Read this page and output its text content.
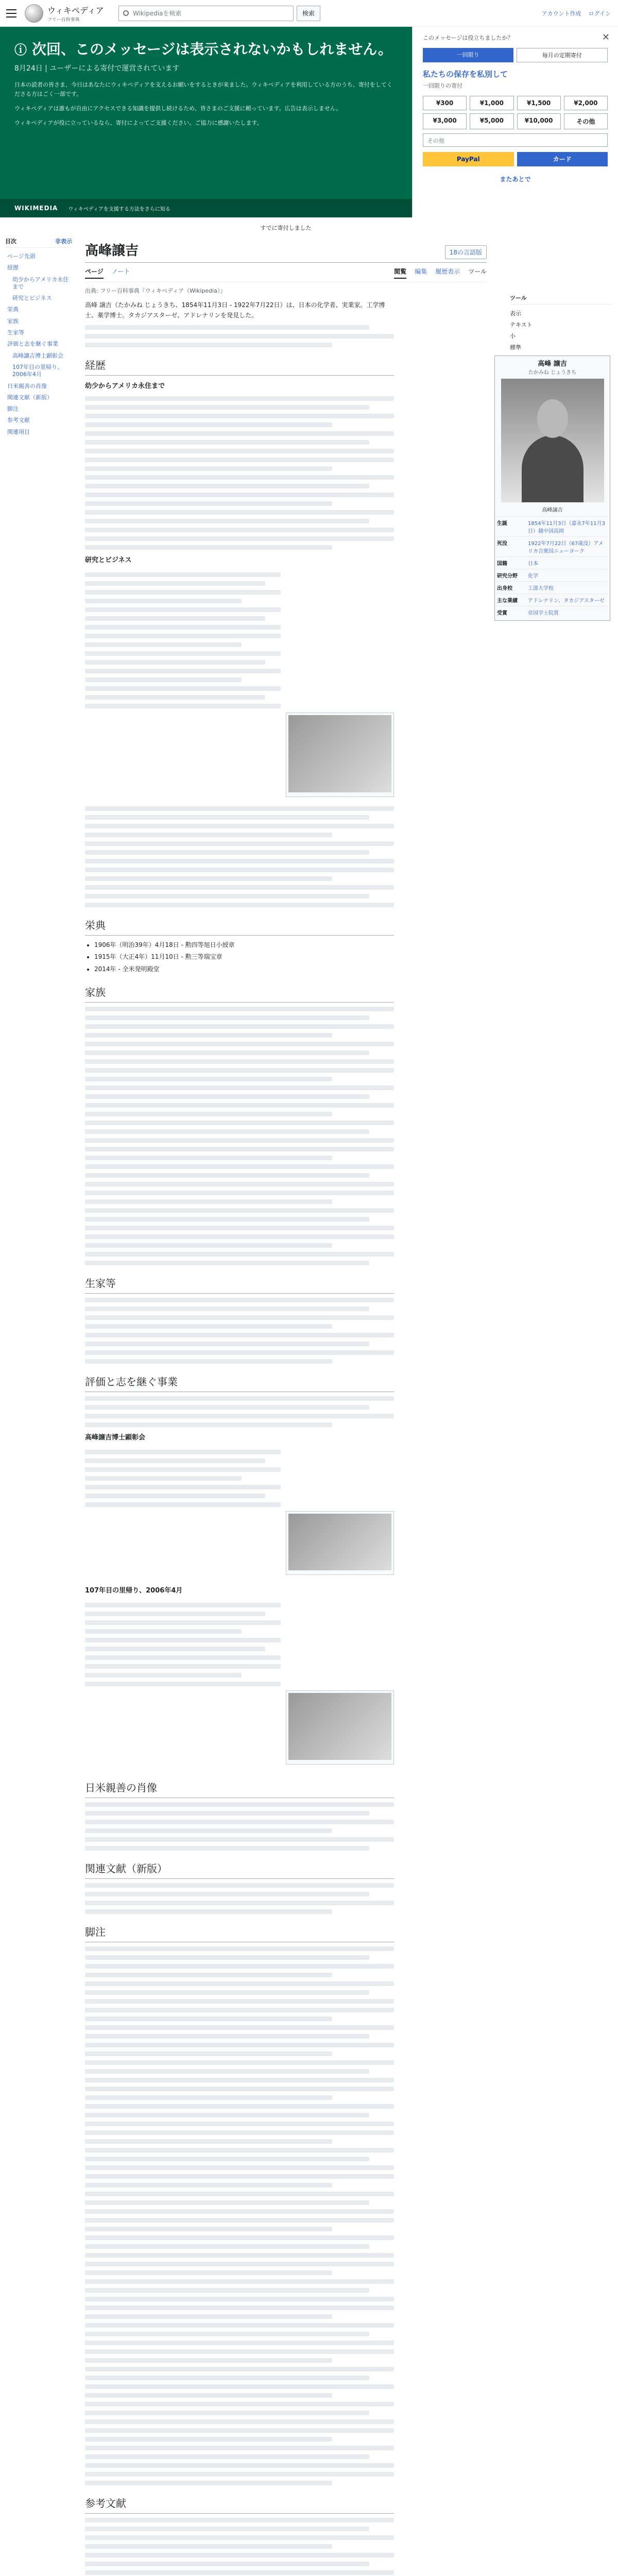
ウィキペディア
フリー百科事典
Wikipediaを検索	検索	アカウント作成 ログイン
ⓘ 次回、このメッセージは表示されないかもしれません。
8月24日 | ユーザーによる寄付で運営されています

日本の読者の皆さま、今日はあなたにウィキペディアを支えるお願いをするときが来ました。ウィキペディアを利用している方のうち、寄付をしてくださる方はごく一部です。

ウィキペディアは誰もが自由にアクセスできる知識を提供し続けるため、皆さまのご支援に頼っています。広告は表示しません。

ウィキペディアが役に立っているなら、寄付によってご支援ください。ご協力に感謝いたします。

WIKIMEDIA ウィキペディアを支援する方法をさらに知る
✕
このメッセージは役立ちましたか？
一回限り	毎月の定期寄付
私たちの保存を私別して
一回限りの寄付
¥300	¥1,000	¥1,500	¥2,000
¥3,000	¥5,000	¥10,000	その他
その他
PayPal	カード
またあとで
目次	非表示
ページ先頭
経歴
幼少からアメリカ永住まで
研究とビジネス
栄典
家族
生家等
評価と志を継ぐ事業
高峰譲吉博士顕彰会
107年目の里帰り、2006年4月
日米親善の肖像
関連文献（新版）
脚注
参考文献
関連項目
ツール
表示
テキスト
小
標準
高峰 譲吉
たかみね じょうきち
高峰譲吉
生誕	1854年11月3日（嘉永7年11月3日）越中国高岡
死没	1922年7月22日（67歳没）アメリカ合衆国ニューヨーク
国籍	日本
研究分野	化学
出身校	工部大学校
主な業績	アドレナリン、タカジアスターゼ
受賞	帝国学士院賞
すでに寄付しました
高峰譲吉	18の言語版
ページ ノート	閲覧 編集 履歴表示 ツール
出典: フリー百科事典『ウィキペディア（Wikipedia）』

高峰 譲吉（たかみね じょうきち、1854年11月3日 - 1922年7月22日）は、日本の化学者、実業家。工学博士、薬学博士。タカジアスターゼ、アドレナリンを発見した。

経歴
幼少からアメリカ永住まで
研究とビジネス
栄典
• 1906年（明治39年）4月18日 - 勲四等旭日小綬章
• 1915年（大正4年）11月10日 - 勲三等瑞宝章
• 2014年 - 全米発明殿堂
家族
生家等
評価と志を継ぐ事業
高峰譲吉博士顕彰会
107年目の里帰り、2006年4月
日米親善の肖像
関連文献（新版）
脚注
参考文献
